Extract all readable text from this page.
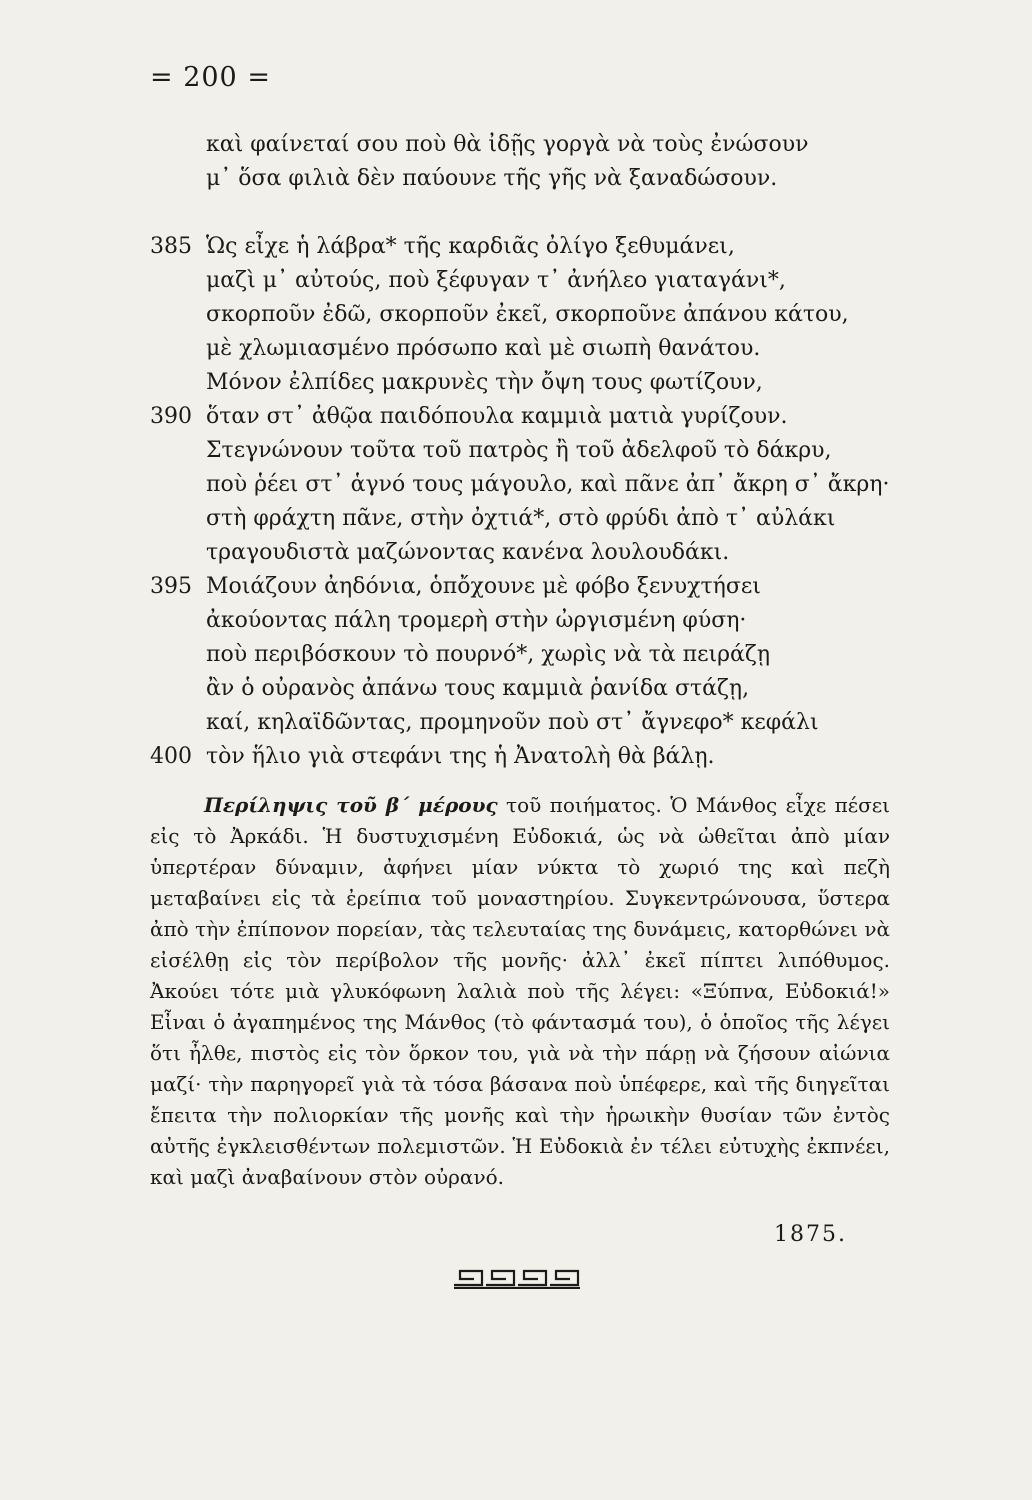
= 200 =
καὶ φαίνεταί σου ποὺ θὰ ἰδῇς γοργὰ νὰ τοὺς ἐνώσουν
μ᾽ ὅσα φιλιὰ δὲν παύουνε τῆς γῆς νὰ ξαναδώσουν.
385 Ὡς εἶχε ἡ λάβρα* τῆς καρδιᾶς ὀλίγο ξεθυμάνει,
μαζὶ μ᾽ αὐτούς, ποὺ ξέφυγαν τ᾽ ἀνήλεο γιαταγάνι*,
σκορποῦν ἐδῶ, σκορποῦν ἐκεῖ, σκορποῦνε ἀπάνου κάτου,
μὲ χλωμιασμένο πρόσωπο καὶ μὲ σιωπὴ θανάτου.
Μόνον ἐλπίδες μακρυνὲς τὴν ὄψη τους φωτίζουν,
390 ὅταν στ᾽ ἀθῷα παιδόπουλα καμμιὰ ματιὰ γυρίζουν.
Στεγνώνουν τοῦτα τοῦ πατρὸς ἢ τοῦ ἀδελφοῦ τὸ δάκρυ,
ποὺ ῥέει στ᾽ ἁγνό τους μάγουλο, καὶ πᾶνε ἀπ᾽ ἄκρη σ᾽ ἄκρη·
στὴ φράχτη πᾶνε, στὴν ὀχτιά*, στὸ φρύδι ἀπὸ τ᾽ αὐλάκι
τραγουδιστὰ μαζώνοντας κανένα λουλουδάκι.
395 Μοιάζουν ἀηδόνια, ὁπὄχουνε μὲ φόβο ξενυχτήσει
ἀκούοντας πάλη τρομερὴ στὴν ὠργισμένη φύση·
ποὺ περιβόσκουν τὸ πουρνό*, χωρὶς νὰ τὰ πειράζῃ
ἂν ὁ οὐρανὸς ἀπάνω τους καμμιὰ ῥανίδα στάζῃ,
καί, κηλαϊδῶντας, προμηνοῦν ποὺ στ᾽ ἄγνεφο* κεφάλι
400 τὸν ἥλιο γιὰ στεφάνι της ἡ Ἀνατολὴ θὰ βάλῃ.

Περίληψις τοῦ β΄ μέρους τοῦ ποιήματος. Ὁ Μάνθος εἶχε πέσει εἰς τὸ Ἀρκάδι. Ἡ δυστυχισμένη Εὐδοκιά, ὡς νὰ ὠθεῖται ἀπὸ μίαν ὑπερτέραν δύναμιν, ἀφήνει μίαν νύκτα τὸ χωριό της καὶ πεζὴ μεταβαίνει εἰς τὰ ἐρείπια τοῦ μοναστηρίου. Συγκεντρώνουσα, ὕστερα ἀπὸ τὴν ἐπίπονον πορείαν, τὰς τελευταίας της δυνάμεις, κατορθώνει νὰ εἰσέλθῃ εἰς τὸν περίβολον τῆς μονῆς· ἀλλ᾽ ἐκεῖ πίπτει λιπόθυμος. Ἀκούει τότε μιὰ γλυκόφωνη λαλιὰ ποὺ τῆς λέγει: «Ξύπνα, Εὐδοκιά!» Εἶναι ὁ ἀγαπημένος της Μάνθος (τὸ φάντασμά του), ὁ ὁποῖος τῆς λέγει ὅτι ἦλθε, πιστὸς εἰς τὸν ὅρκον του, γιὰ νὰ τὴν πάρῃ νὰ ζήσουν αἰώνια μαζί· τὴν παρηγορεῖ γιὰ τὰ τόσα βάσανα ποὺ ὑπέφερε, καὶ τῆς διηγεῖται ἔπειτα τὴν πολιορκίαν τῆς μονῆς καὶ τὴν ἡρωικὴν θυσίαν τῶν ἐντὸς αὐτῆς ἐγκλεισθέντων πολεμιστῶν. Ἡ Εὐδοκιὰ ἐν τέλει εὐτυχὴς ἐκπνέει, καὶ μαζὶ ἀναβαίνουν στὸν οὐρανό.

1875.
